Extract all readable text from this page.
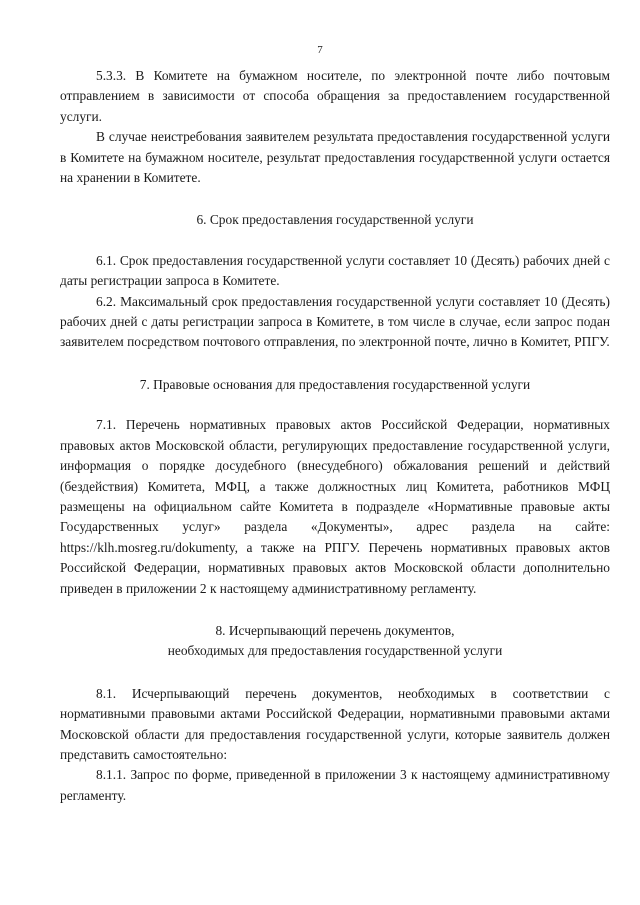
7

5.3.3. В Комитете на бумажном носителе, по электронной почте либо почтовым отправлением в зависимости от способа обращения за предоставлением государственной услуги.

В случае неистребования заявителем результата предоставления государственной услуги в Комитете на бумажном носителе, результат предоставления государственной услуги остается на хранении в Комитете.

6. Срок предоставления государственной услуги

6.1. Срок предоставления государственной услуги составляет 10 (Десять) рабочих дней с даты регистрации запроса в Комитете.

6.2. Максимальный срок предоставления государственной услуги составляет 10 (Десять) рабочих дней с даты регистрации запроса в Комитете, в том числе в случае, если запрос подан заявителем посредством почтового отправления, по электронной почте, лично в Комитет, РПГУ.

7. Правовые основания для предоставления государственной услуги

7.1. Перечень нормативных правовых актов Российской Федерации, нормативных правовых актов Московской области, регулирующих предоставление государственной услуги, информация о порядке досудебного (внесудебного) обжалования решений и действий (бездействия) Комитета, МФЦ, а также должностных лиц Комитета, работников МФЦ размещены на официальном сайте Комитета в подразделе «Нормативные правовые акты Государственных услуг» раздела «Документы», адрес раздела на сайте: https://klh.mosreg.ru/dokumenty, а также на РПГУ. Перечень нормативных правовых актов Российской Федерации, нормативных правовых актов Московской области дополнительно приведен в приложении 2 к настоящему административному регламенту.

8. Исчерпывающий перечень документов,

необходимых для предоставления государственной услуги

8.1. Исчерпывающий перечень документов, необходимых в соответствии с нормативными правовыми актами Российской Федерации, нормативными правовыми актами Московской области для предоставления государственной услуги, которые заявитель должен представить самостоятельно:

8.1.1. Запрос по форме, приведенной в приложении 3 к настоящему административному регламенту.
